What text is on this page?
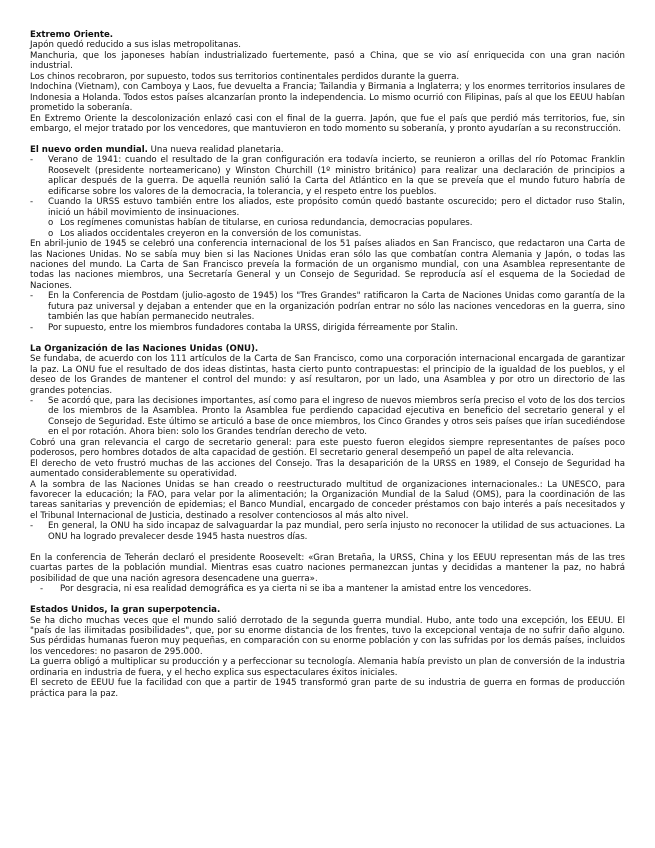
Extremo Oriente.

Japón quedó reducido a sus islas metropolitanas.

Manchuria, que los japoneses habían industrializado fuertemente, pasó a China, que se vio así enriquecida con una gran nación industrial.

Los chinos recobraron, por supuesto, todos sus territorios continentales perdidos durante la guerra.

Indochina (Vietnam), con Camboya y Laos, fue devuelta a Francia; Tailandia y Birmania a Inglaterra; y los enormes territorios insulares de Indonesia a Holanda. Todos estos países alcanzarían pronto la independencia. Lo mismo ocurrió con Filipinas, país al que los EEUU habían prometido la soberanía.

En Extremo Oriente la descolonización enlazó casi con el final de la guerra. Japón, que fue el país que perdió más territorios, fue, sin embargo, el mejor tratado por los vencedores, que mantuvieron en todo momento su soberanía, y pronto ayudarían a su reconstrucción.

El nuevo orden mundial. Una nueva realidad planetaria.
- Verano de 1941: cuando el resultado de la gran configuración era todavía incierto, se reunieron a orillas del río Potomac Franklin Roosevelt (presidente norteamericano) y Winston Churchill (1º ministro británico) para realizar una declaración de principios a aplicar después de la guerra. De aquella reunión salió la Carta del Atlántico en la que se preveía que el mundo futuro habría de edificarse sobre los valores de la democracia, la tolerancia, y el respeto entre los pueblos.
- Cuando la URSS estuvo también entre los aliados, este propósito común quedó bastante oscurecido; pero el dictador ruso Stalin, inició un hábil movimiento de insinuaciones.
o Los regímenes comunistas habían de titularse, en curiosa redundancia, democracias populares.
o Los aliados occidentales creyeron en la conversión de los comunistas.

En abril-junio de 1945 se celebró una conferencia internacional de los 51 países aliados en San Francisco, que redactaron una Carta de las Naciones Unidas. No se sabía muy bien si las Naciones Unidas eran sólo las que combatían contra Alemania y Japón, o todas las naciones del mundo. La Carta de San Francisco preveía la formación de un organismo mundial, con una Asamblea representante de todas las naciones miembros, una Secretaría General y un Consejo de Seguridad. Se reproducía así el esquema de la Sociedad de Naciones.

- En la Conferencia de Postdam (julio-agosto de 1945) los "Tres Grandes" ratificaron la Carta de Naciones Unidas como garantía de la futura paz universal y dejaban a entender que en la organización podrían entrar no sólo las naciones vencedoras en la guerra, sino también las que habían permanecido neutrales.
- Por supuesto, entre los miembros fundadores contaba la URSS, dirigida férreamente por Stalin.
La Organización de las Naciones Unidas (ONU).

Se fundaba, de acuerdo con los 111 artículos de la Carta de San Francisco, como una corporación internacional encargada de garantizar la paz. La ONU fue el resultado de dos ideas distintas, hasta cierto punto contrapuestas: el principio de la igualdad de los pueblos, y el deseo de los Grandes de mantener el control del mundo: y así resultaron, por un lado, una Asamblea y por otro un directorio de las grandes potencias.

- Se acordó que, para las decisiones importantes, así como para el ingreso de nuevos miembros sería preciso el voto de los dos tercios de los miembros de la Asamblea. Pronto la Asamblea fue perdiendo capacidad ejecutiva en beneficio del secretario general y el Consejo de Seguridad. Este último se articuló a base de once miembros, los Cinco Grandes y otros seis países que irían sucediéndose en el por rotación. Ahora bien: solo los Grandes tendrían derecho de veto.

Cobró una gran relevancia el cargo de secretario general: para este puesto fueron elegidos siempre representantes de países poco poderosos, pero hombres dotados de alta capacidad de gestión. El secretario general desempeñó un papel de alta relevancia.

El derecho de veto frustró muchas de las acciones del Consejo. Tras la desaparición de la URSS en 1989, el Consejo de Seguridad ha aumentado considerablemente su operatividad.

A la sombra de las Naciones Unidas se han creado o reestructurado multitud de organizaciones internacionales.: La UNESCO, para favorecer la educación; la FAO, para velar por la alimentación; la Organización Mundial de la Salud (OMS), para la coordinación de las tareas sanitarias y prevención de epidemias; el Banco Mundial, encargado de conceder préstamos con bajo interés a país necesitados y el Tribunal Internacional de Justicia, destinado a resolver contenciosos al más alto nivel.

- En general, la ONU ha sido incapaz de salvaguardar la paz mundial, pero sería injusto no reconocer la utilidad de sus actuaciones. La ONU ha logrado prevalecer desde 1945 hasta nuestros días.

En la conferencia de Teherán declaró el presidente Roosevelt: «Gran Bretaña, la URSS, China y los EEUU representan más de las tres cuartas partes de la población mundial. Mientras esas cuatro naciones permanezcan juntas y decididas a mantener la paz, no habrá posibilidad de que una nación agresora desencadene una guerra».

- Por desgracia, ni esa realidad demográfica es ya cierta ni se iba a mantener la amistad entre los vencedores.
Estados Unidos, la gran superpotencia.

Se ha dicho muchas veces que el mundo salió derrotado de la segunda guerra mundial. Hubo, ante todo una excepción, los EEUU. El "país de las ilimitadas posibilidades", que, por su enorme distancia de los frentes, tuvo la excepcional ventaja de no sufrir daño alguno. Sus pérdidas humanas fueron muy pequeñas, en comparación con su enorme población y con las sufridas por los demás países, incluidos los vencedores: no pasaron de 295.000.

La guerra obligó a multiplicar su producción y a perfeccionar su tecnología. Alemania había previsto un plan de conversión de la industria ordinaria en industria de fuera, y el hecho explica sus espectaculares éxitos iniciales.

El secreto de EEUU fue la facilidad con que a partir de 1945 transformó gran parte de su industria de guerra en formas de producción práctica para la paz.
